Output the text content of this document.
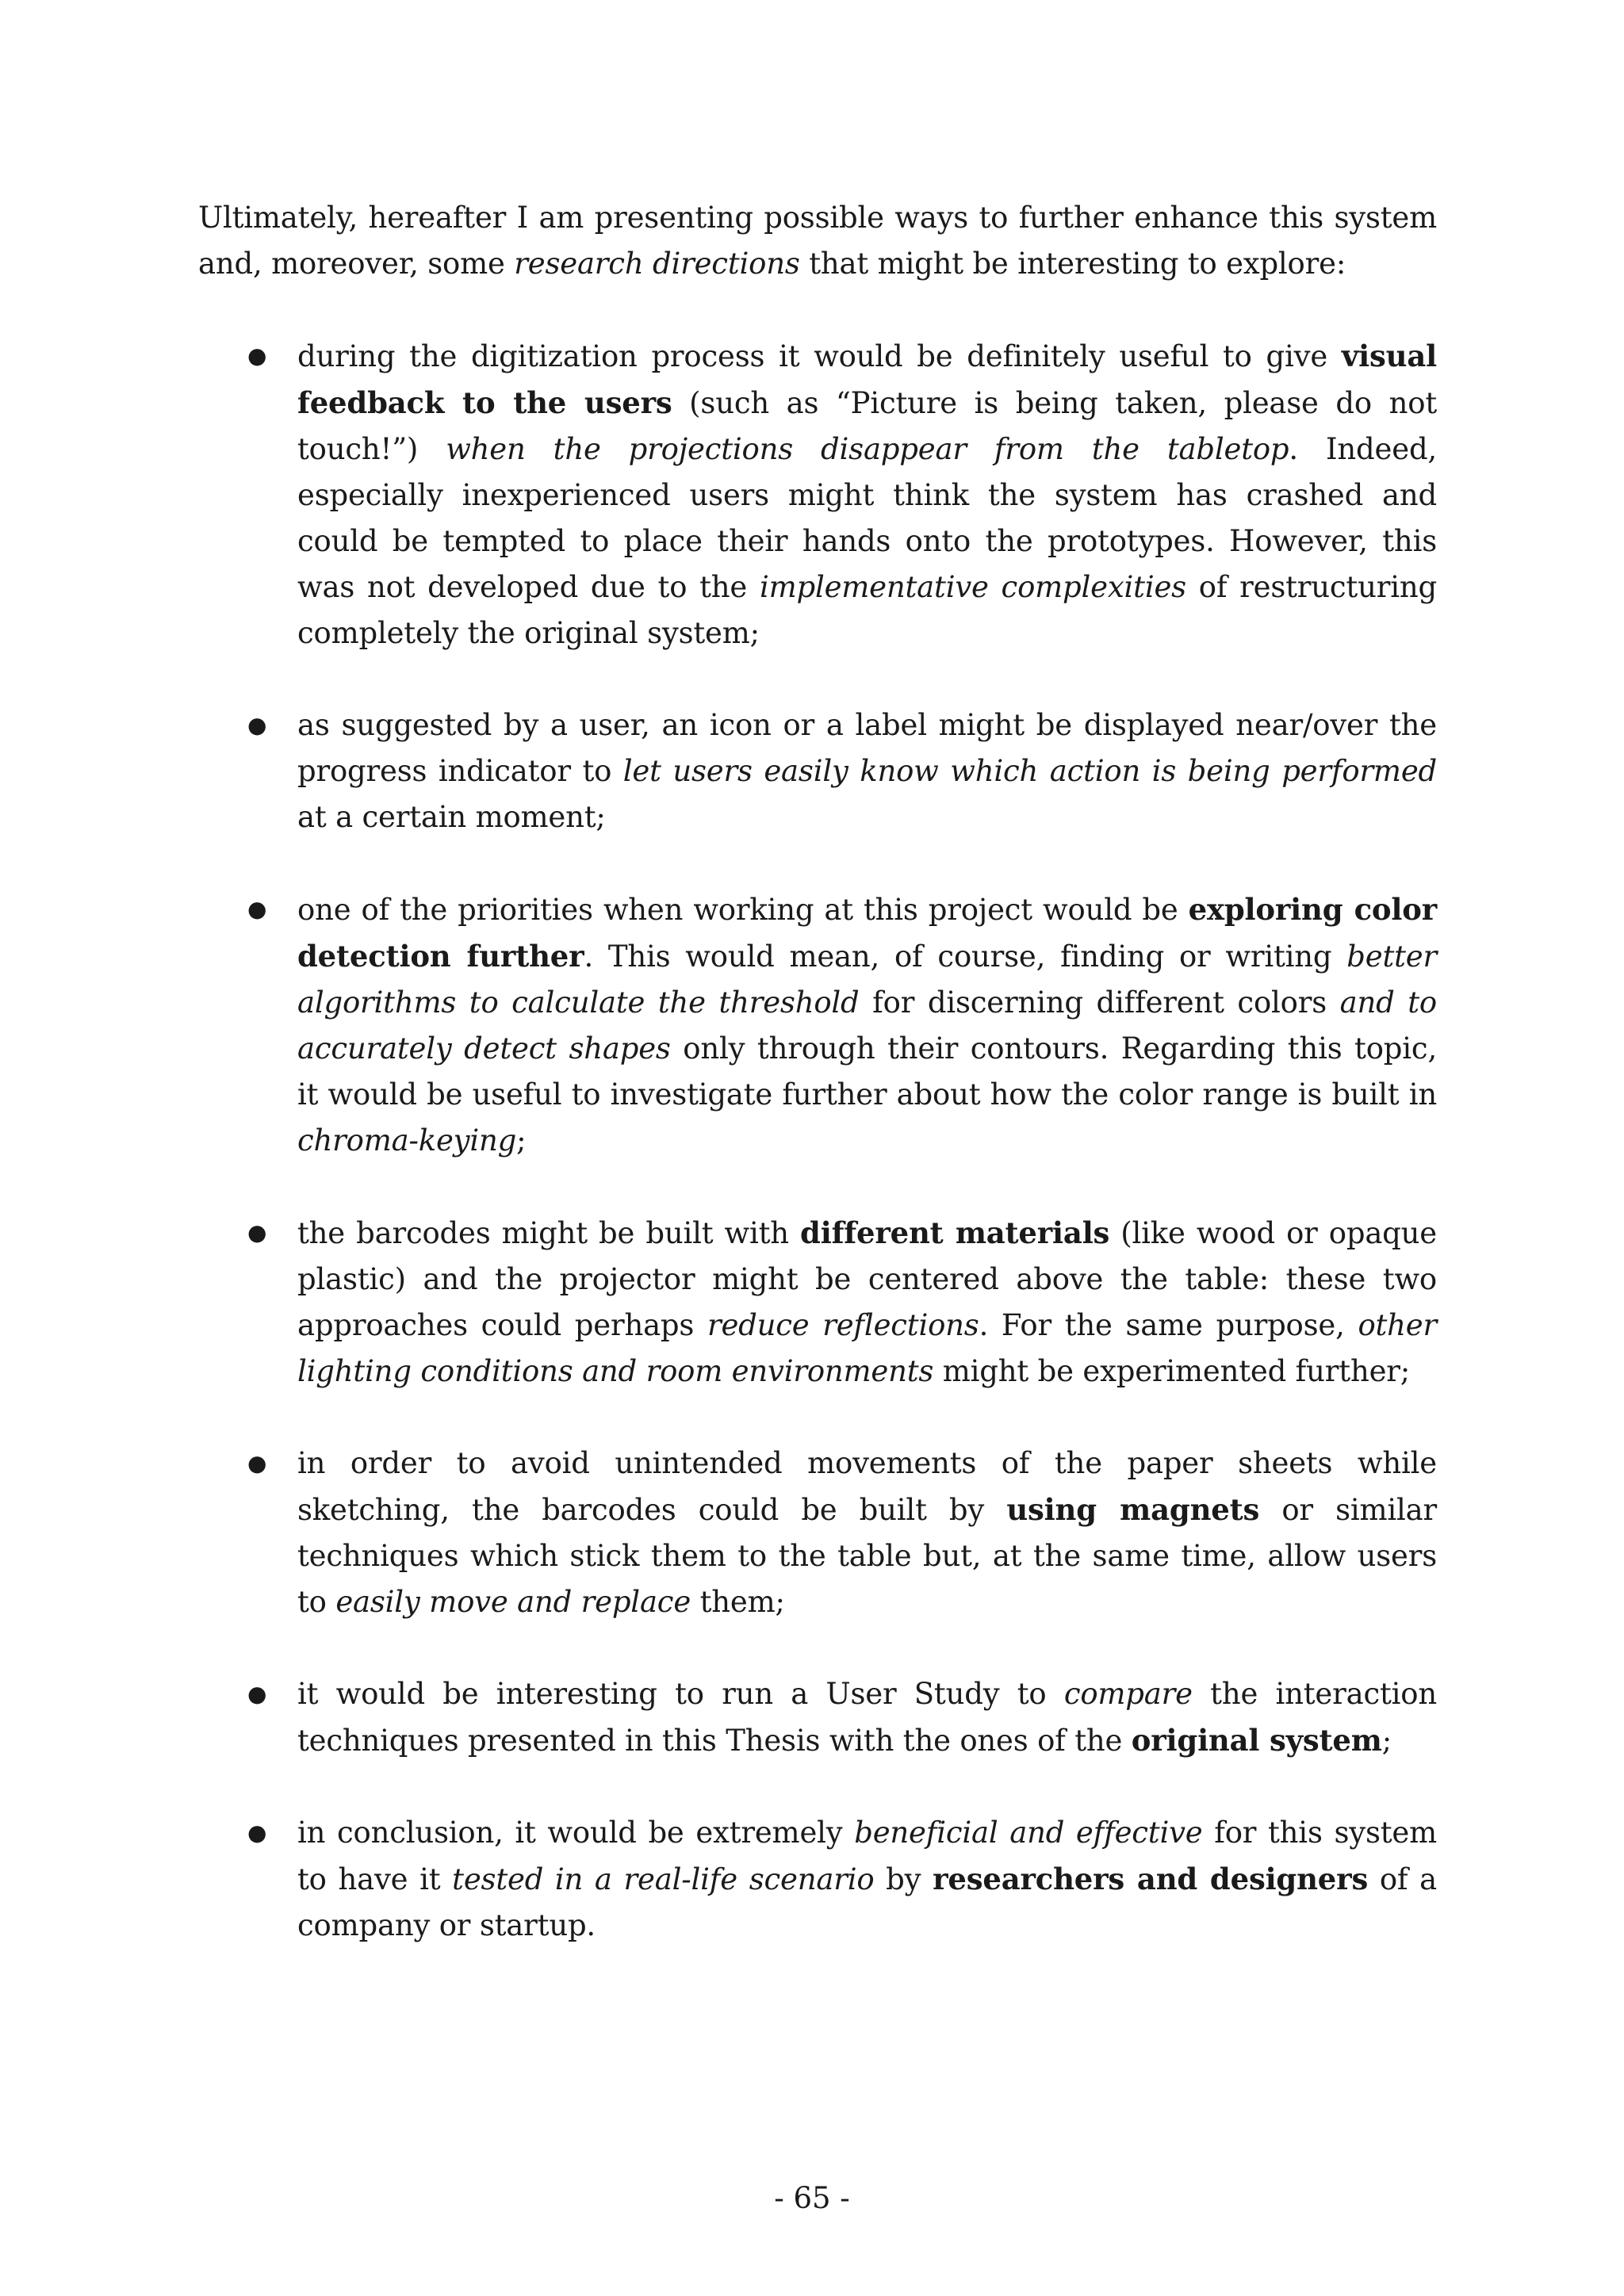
Ultimately, hereafter I am presenting possible ways to further enhance this system and, moreover, some research directions that might be interesting to explore:

● during the digitization process it would be definitely useful to give visual feedback to the users (such as “Picture is being taken, please do not touch!”) when the projections disappear from the tabletop. Indeed, especially inexperienced users might think the system has crashed and could be tempted to place their hands onto the prototypes. However, this was not developed due to the implementative complexities of restructuring completely the original system;
● as suggested by a user, an icon or a label might be displayed near/over the progress indicator to let users easily know which action is being performed at a certain moment;
● one of the priorities when working at this project would be exploring color detection further. This would mean, of course, finding or writing better algorithms to calculate the threshold for discerning different colors and to accurately detect shapes only through their contours. Regarding this topic, it would be useful to investigate further about how the color range is built in chroma-keying;
● the barcodes might be built with different materials (like wood or opaque plastic) and the projector might be centered above the table: these two approaches could perhaps reduce reflections. For the same purpose, other lighting conditions and room environments might be experimented further;
● in order to avoid unintended movements of the paper sheets while sketching, the barcodes could be built by using magnets or similar techniques which stick them to the table but, at the same time, allow users to easily move and replace them;
● it would be interesting to run a User Study to compare the interaction techniques presented in this Thesis with the ones of the original system;
● in conclusion, it would be extremely beneficial and effective for this system to have it tested in a real-life scenario by researchers and designers of a company or startup.
- 65 -
